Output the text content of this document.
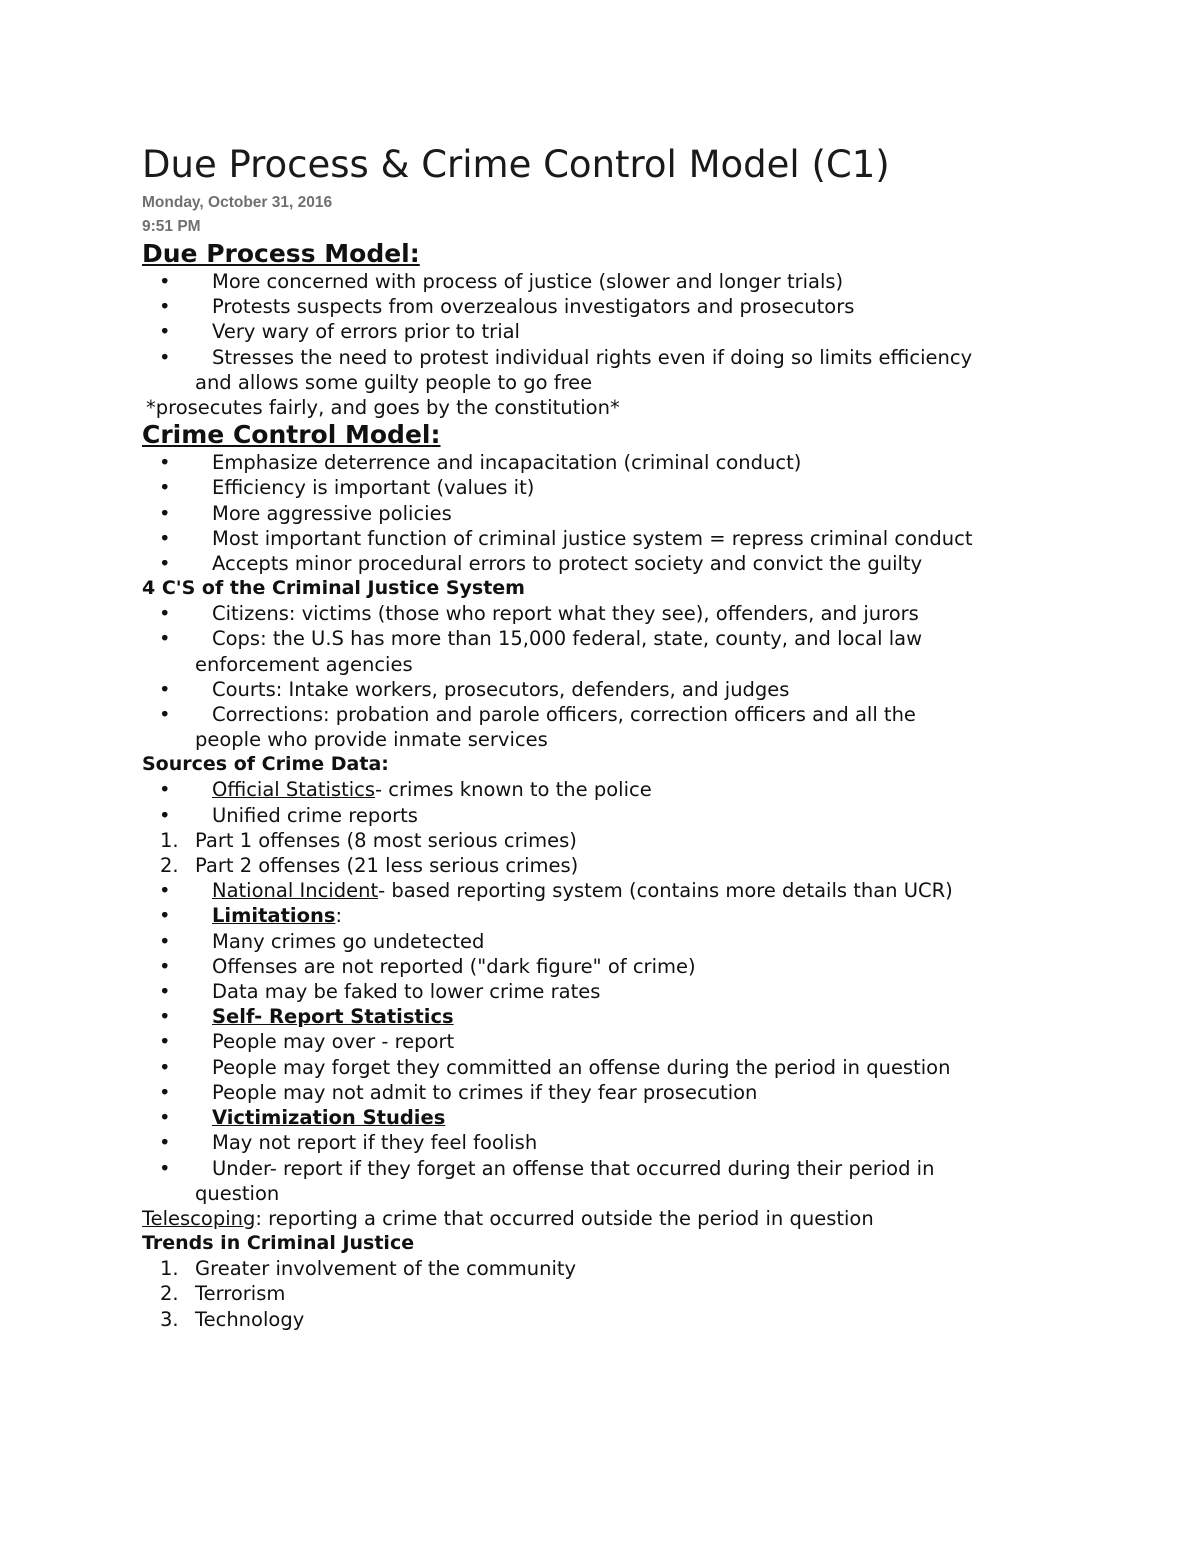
Due Process & Crime Control Model (C1)
Monday, October 31, 2016
9:51 PM
Due Process Model:
• More concerned with process of justice (slower and longer trials)
• Protests suspects from overzealous investigators and prosecutors
• Very wary of errors prior to trial
• Stresses the need to protest individual rights even if doing so limits efficiency
and allows some guilty people to go free
*prosecutes fairly, and goes by the constitution*
Crime Control Model:
• Emphasize deterrence and incapacitation (criminal conduct)
• Efficiency is important (values it)
• More aggressive policies
• Most important function of criminal justice system = repress criminal conduct
• Accepts minor procedural errors to protect society and convict the guilty
4 C'S of the Criminal Justice System
• Citizens: victims (those who report what they see), offenders, and jurors
• Cops: the U.S has more than 15,000 federal, state, county, and local law
enforcement agencies
• Courts: Intake workers, prosecutors, defenders, and judges
• Corrections: probation and parole officers, correction officers and all the
people who provide inmate services
Sources of Crime Data:
• Official Statistics- crimes known to the police
• Unified crime reports
1. Part 1 offenses (8 most serious crimes)
2. Part 2 offenses (21 less serious crimes)
• National Incident- based reporting system (contains more details than UCR)
• Limitations:
• Many crimes go undetected
• Offenses are not reported ("dark figure" of crime)
• Data may be faked to lower crime rates
• Self- Report Statistics
• People may over - report
• People may forget they committed an offense during the period in question
• People may not admit to crimes if they fear prosecution
• Victimization Studies
• May not report if they feel foolish
• Under- report if they forget an offense that occurred during their period in
question
Telescoping: reporting a crime that occurred outside the period in question
Trends in Criminal Justice
1. Greater involvement of the community
2. Terrorism
3. Technology
